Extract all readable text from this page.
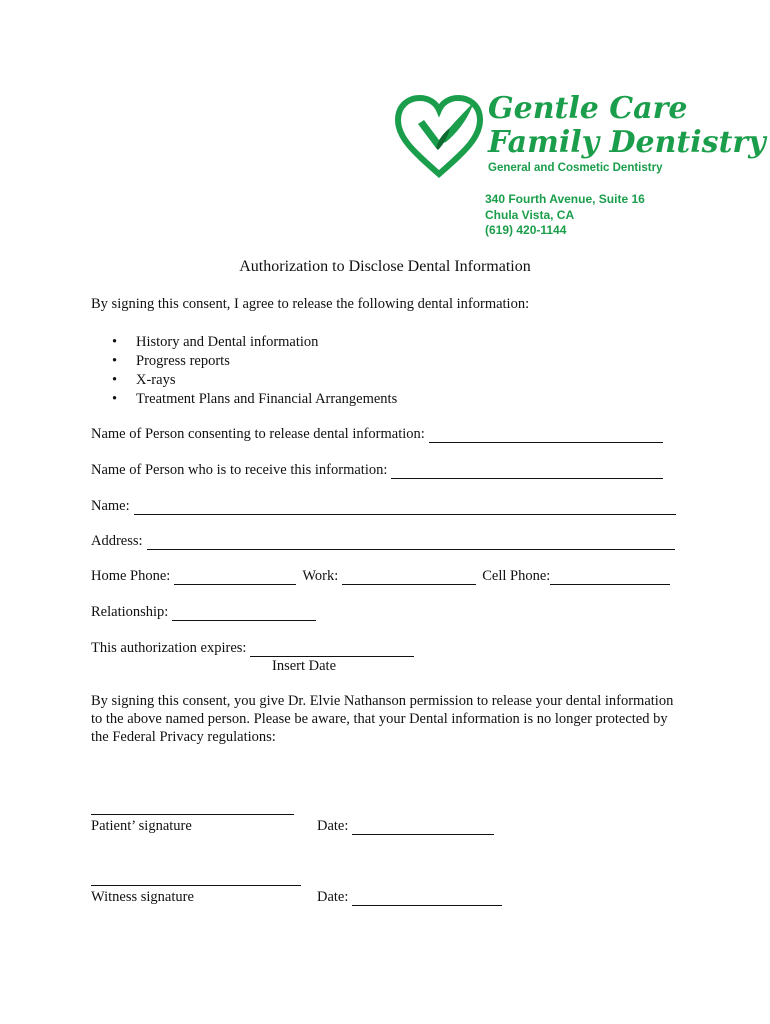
Gentle Care
Family Dentistry
General and Cosmetic Dentistry
340 Fourth Avenue, Suite 16
Chula Vista, CA
(619) 420-1144
Authorization to Disclose Dental Information
By signing this consent, I agree to release the following dental information:
• History and Dental information
• Progress reports
• X-rays
• Treatment Plans and Financial Arrangements
Name of Person consenting to release dental information:
Name of Person who is to receive this information:
Name:
Address:
Home Phone:	Work:	Cell Phone:
Relationship:
This authorization expires:
Insert Date
By signing this consent, you give Dr. Elvie Nathanson permission to release your dental information to the above named person. Please be aware, that your Dental information is no longer protected by the Federal Privacy regulations:
Patient’ signature	Date:
Witness signature	Date:
